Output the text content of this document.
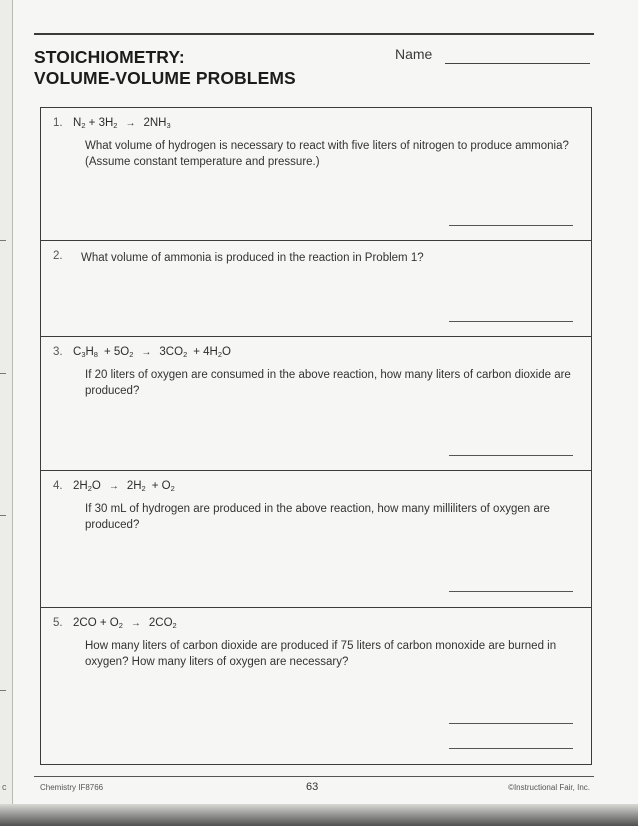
c
STOICHIOMETRY:
VOLUME-VOLUME PROBLEMS
Name
1. $N_2 + 3H_2 \to 2NH_3$
What volume of hydrogen is necessary to react with five liters of nitrogen to produce ammonia? (Assume constant temperature and pressure.)
2. What volume of ammonia is produced in the reaction in Problem 1?
3. $C_3H_8 + 5O_2 \to 3CO_2 + 4H_2O$
If 20 liters of oxygen are consumed in the above reaction, how many liters of carbon dioxide are produced?
4. $2H_2O \to 2H_2 + O_2$
If 30 mL of hydrogen are produced in the above reaction, how many milliliters of oxygen are produced?
5. $2CO + O_2 \to 2CO_2$
How many liters of carbon dioxide are produced if 75 liters of carbon monoxide are burned in oxygen? How many liters of oxygen are necessary?
Chemistry IF8766	63	©Instructional Fair, Inc.
